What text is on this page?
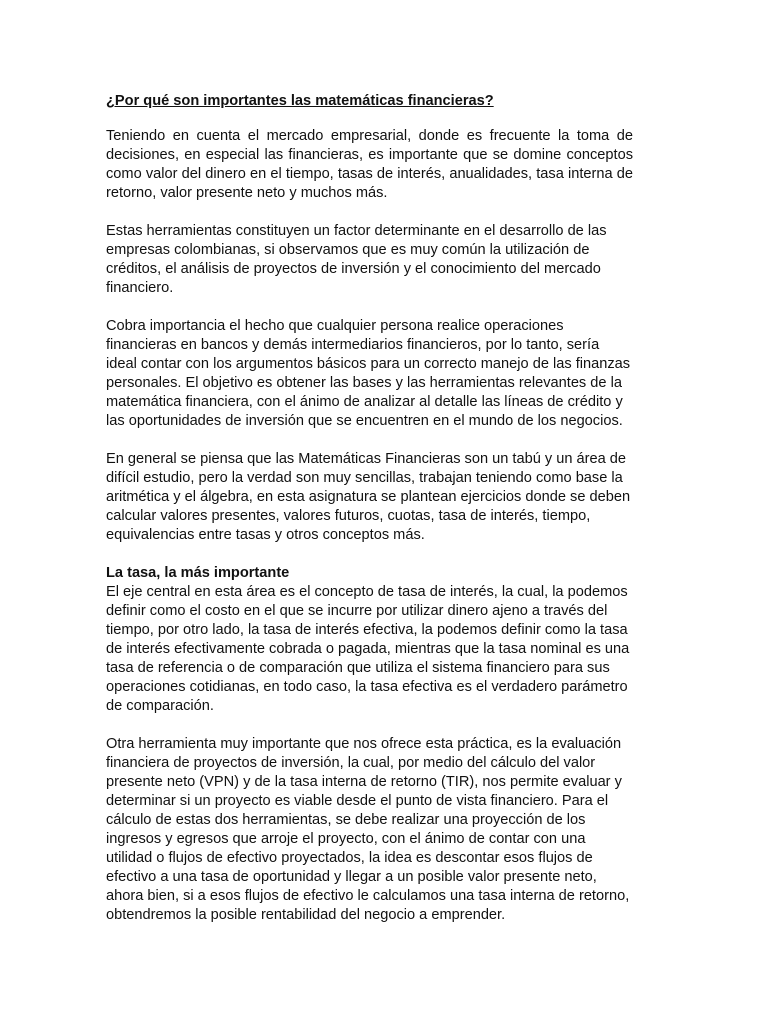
¿Por qué son importantes las matemáticas financieras?

Teniendo en cuenta el mercado empresarial, donde es frecuente la toma de decisiones, en especial las financieras, es importante que se domine conceptos como valor del dinero en el tiempo, tasas de interés, anualidades, tasa interna de retorno, valor presente neto y muchos más.

Estas herramientas constituyen un factor determinante en el desarrollo de las empresas colombianas, si observamos que es muy común la utilización de créditos, el análisis de proyectos de inversión y el conocimiento del mercado financiero.

Cobra importancia el hecho que cualquier persona realice operaciones financieras en bancos y demás intermediarios financieros, por lo tanto, sería ideal contar con los argumentos básicos para un correcto manejo de las finanzas personales. El objetivo es obtener las bases y las herramientas relevantes de la matemática financiera, con el ánimo de analizar al detalle las líneas de crédito y las oportunidades de inversión que se encuentren en el mundo de los negocios.

En general se piensa que las Matemáticas Financieras son un tabú y un área de difícil estudio, pero la verdad son muy sencillas, trabajan teniendo como base la aritmética y el álgebra, en esta asignatura se plantean ejercicios donde se deben calcular valores presentes, valores futuros, cuotas, tasa de interés, tiempo, equivalencias entre tasas y otros conceptos más.

La tasa, la más importante

El eje central en esta área es el concepto de tasa de interés, la cual, la podemos definir como el costo en el que se incurre por utilizar dinero ajeno a través del tiempo, por otro lado, la tasa de interés efectiva, la podemos definir como la tasa de interés efectivamente cobrada o pagada, mientras que la tasa nominal es una tasa de referencia o de comparación que utiliza el sistema financiero para sus operaciones cotidianas, en todo caso, la tasa efectiva es el verdadero parámetro de comparación.

Otra herramienta muy importante que nos ofrece esta práctica, es la evaluación financiera de proyectos de inversión, la cual, por medio del cálculo del valor presente neto (VPN) y de la tasa interna de retorno (TIR), nos permite evaluar y determinar si un proyecto es viable desde el punto de vista financiero. Para el cálculo de estas dos herramientas, se debe realizar una proyección de los ingresos y egresos que arroje el proyecto, con el ánimo de contar con una utilidad o flujos de efectivo proyectados, la idea es descontar esos flujos de efectivo a una tasa de oportunidad y llegar a un posible valor presente neto, ahora bien, si a esos flujos de efectivo le calculamos una tasa interna de retorno, obtendremos la posible rentabilidad del negocio a emprender.
